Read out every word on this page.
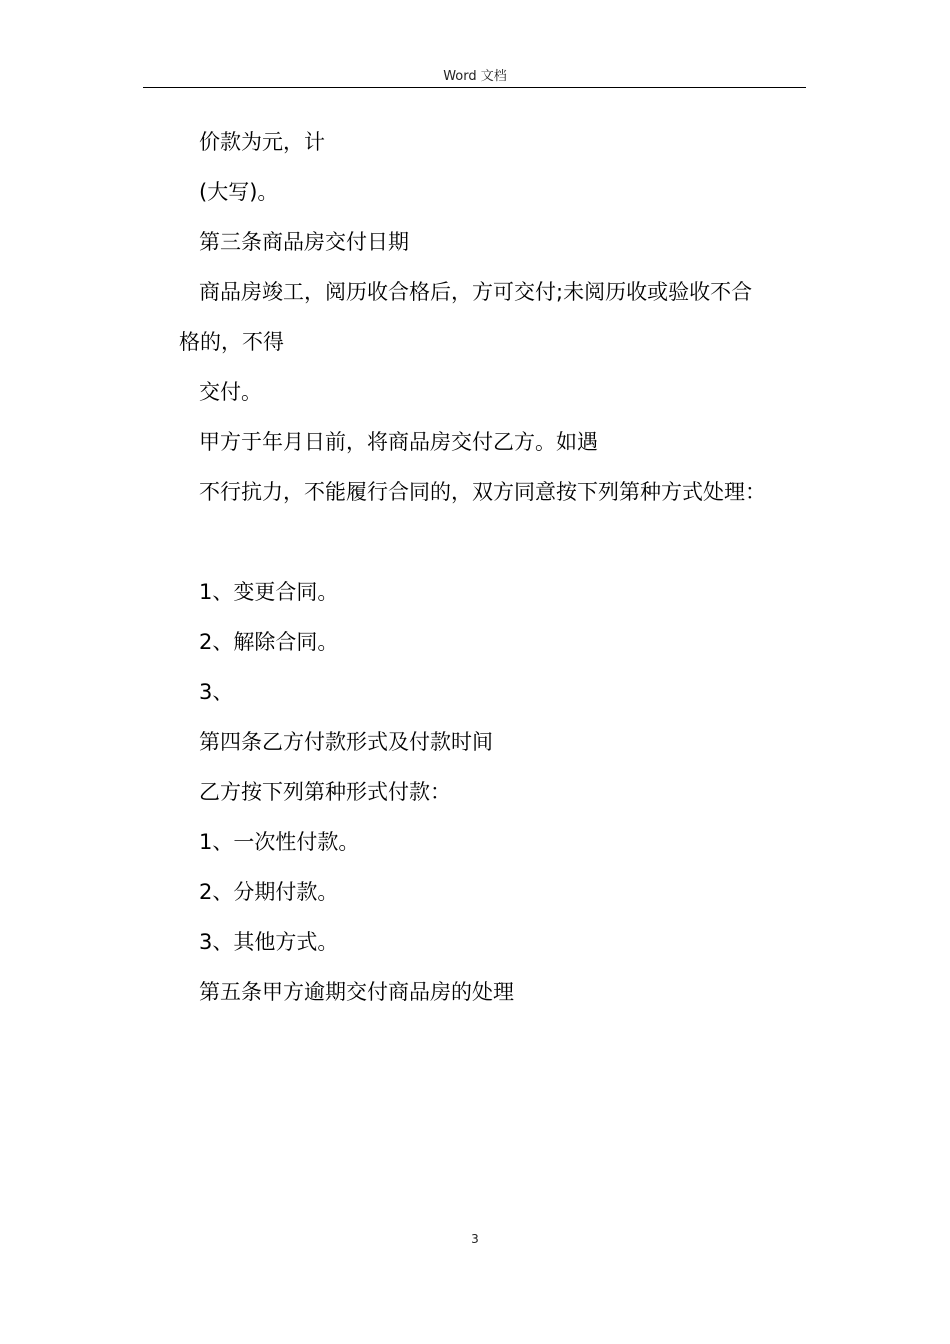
Word 文档

价款为元，计

(大写)。

第三条商品房交付日期

商品房竣工，阅历收合格后，方可交付;未阅历收或验收不合

格的，不得

交付。

甲方于年月日前，将商品房交付乙方。如遇

不行抗力，不能履行合同的，双方同意按下列第种方式处理：

1、变更合同。

2、解除合同。

3、

第四条乙方付款形式及付款时间

乙方按下列第种形式付款：

1、一次性付款。

2、分期付款。

3、其他方式。

第五条甲方逾期交付商品房的处理

3
